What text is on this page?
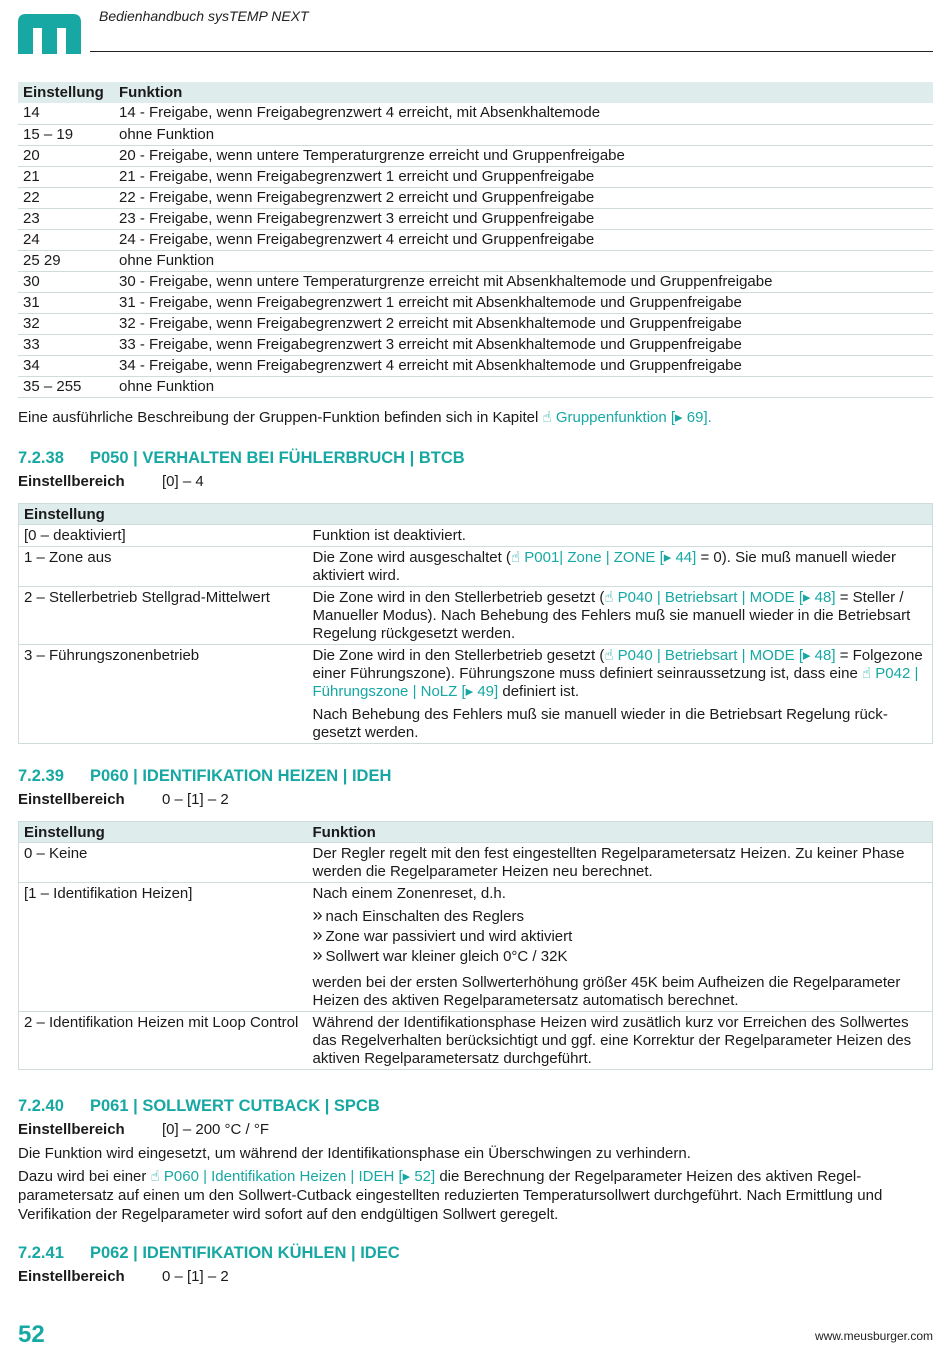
Bedienhandbuch sysTEMP NEXT
Einstellung	Funktion
14	14 - Freigabe, wenn Freigabegrenzwert 4 erreicht, mit Absenkhaltemode
15 – 19	ohne Funktion
20	20 - Freigabe, wenn untere Temperaturgrenze erreicht und Gruppenfreigabe
21	21 - Freigabe, wenn Freigabegrenzwert 1 erreicht und Gruppenfreigabe
22	22 - Freigabe, wenn Freigabegrenzwert 2 erreicht und Gruppenfreigabe
23	23 - Freigabe, wenn Freigabegrenzwert 3 erreicht und Gruppenfreigabe
24	24 - Freigabe, wenn Freigabegrenzwert 4 erreicht und Gruppenfreigabe
25 29	ohne Funktion
30	30 - Freigabe, wenn untere Temperaturgrenze erreicht mit Absenkhaltemode und Gruppenfreigabe
31	31 - Freigabe, wenn Freigabegrenzwert 1 erreicht mit Absenkhaltemode und Gruppenfreigabe
32	32 - Freigabe, wenn Freigabegrenzwert 2 erreicht mit Absenkhaltemode und Gruppenfreigabe
33	33 - Freigabe, wenn Freigabegrenzwert 3 erreicht mit Absenkhaltemode und Gruppenfreigabe
34	34 - Freigabe, wenn Freigabegrenzwert 4 erreicht mit Absenkhaltemode und Gruppenfreigabe
35 – 255	ohne Funktion
Eine ausführliche Beschreibung der Gruppen-Funktion befinden sich in Kapitel ☝ Gruppenfunktion [▸ 69].
7.2.38 P050 | VERHALTEN BEI FÜHLERBRUCH | BTCB
Einstellbereich [0] – 4
Einstellung	
[0 – deaktiviert]	Funktion ist deaktiviert.
1 – Zone aus	Die Zone wird ausgeschaltet (☝ P001| Zone | ZONE [▸ 44] = 0). Sie muß manuell wieder aktiviert wird.
2 – Stellerbetrieb Stellgrad-Mittelwert	Die Zone wird in den Stellerbetrieb gesetzt (☝ P040 | Betriebsart | MODE [▸ 48] = Steller / Manueller Modus). Nach Behebung des Fehlers muß sie manuell wieder in die Betriebsart Regelung rückgesetzt werden.
3 – Führungszonenbetrieb	Die Zone wird in den Stellerbetrieb gesetzt (☝ P040 | Betriebsart | MODE [▸ 48] = Folgezone einer Führungszone). Führungszone muss definiert seinraussetzung ist, dass eine ☝ P042 | Führungszone | NoLZ [▸ 49] definiert ist.
Nach Behebung des Fehlers muß sie manuell wieder in die Betriebsart Regelung rückgesetzt werden.
7.2.39 P060 | IDENTIFIKATION HEIZEN | IDEH
Einstellbereich 0 – [1] – 2
Einstellung	Funktion
0 – Keine	Der Regler regelt mit den fest eingestellten Regelparametersatz Heizen. Zu keiner Phase werden die Regelparameter Heizen neu berechnet.
[1 – Identifikation Heizen]	Nach einem Zonenreset, d.h.
» nach Einschalten des Reglers
» Zone war passiviert und wird aktiviert
» Sollwert war kleiner gleich 0°C / 32K
werden bei der ersten Sollwerterhöhung größer 45K beim Aufheizen die Regelparameter Heizen des aktiven Regelparametersatz automatisch berechnet.

2 – Identifikation Heizen mit Loop Control	Während der Identifikationsphase Heizen wird zusätlich kurz vor Erreichen des Sollwertes das Regelverhalten berücksichtigt und ggf. eine Korrektur der Regelparameter Heizen des aktiven Regelparametersatz durchgeführt.
7.2.40 P061 | SOLLWERT CUTBACK | SPCB
Einstellbereich [0] – 200 °C / °F
Die Funktion wird eingesetzt, um während der Identifikationsphase ein Überschwingen zu verhindern.
Dazu wird bei einer ☝ P060 | Identifikation Heizen | IDEH [▸ 52] die Berechnung der Regelparameter Heizen des aktiven Regelparametersatz auf einen um den Sollwert-Cutback eingestellten reduzierten Temperatursollwert durchgeführt. Nach Ermittlung und Verifikation der Regelparameter wird sofort auf den endgültigen Sollwert geregelt.
7.2.41 P062 | IDENTIFIKATION KÜHLEN | IDEC
Einstellbereich 0 – [1] – 2
52	www.meusburger.com
